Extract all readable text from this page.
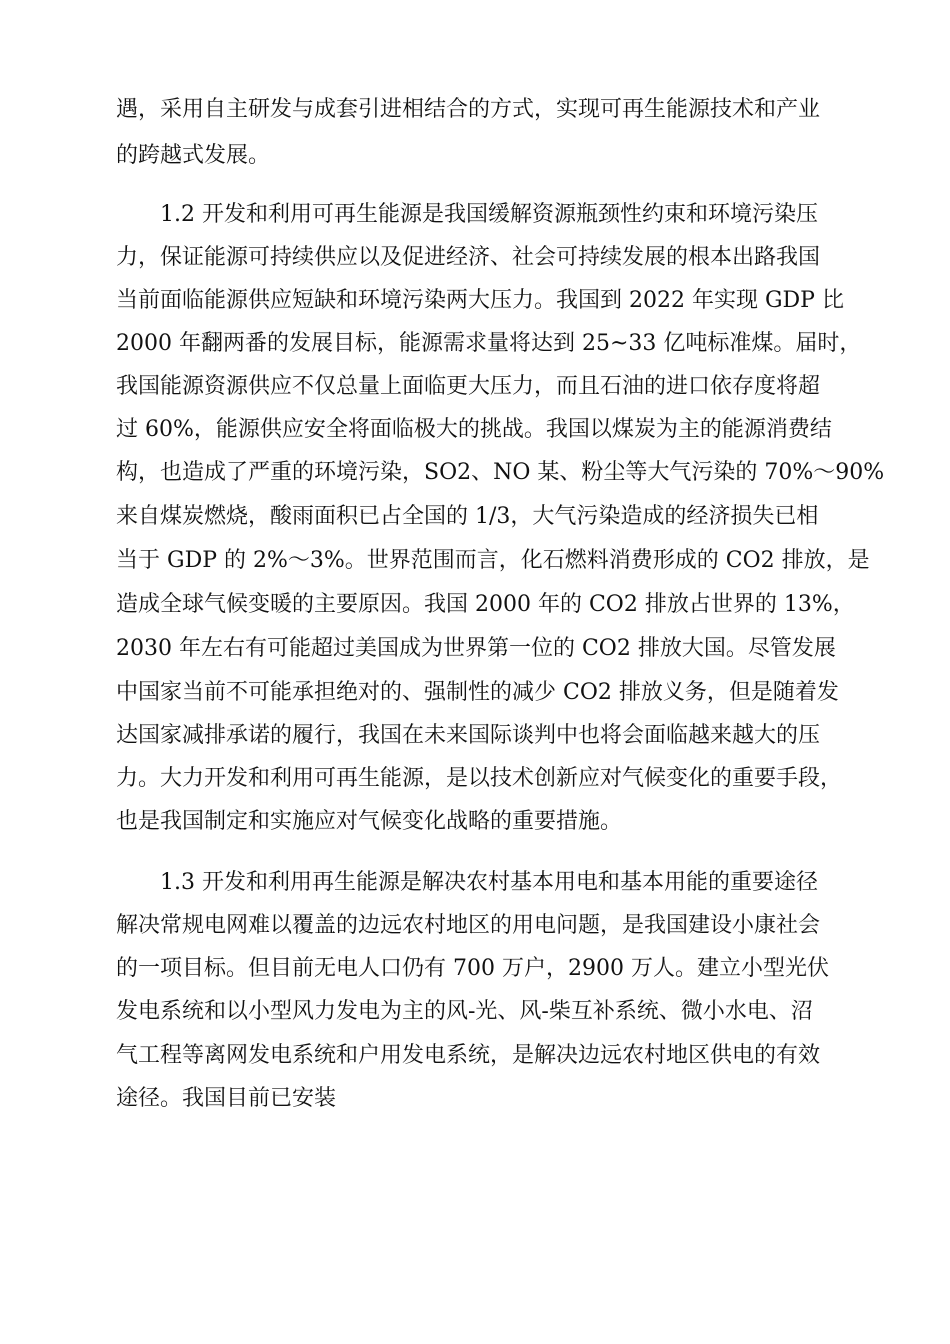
遇，采用自主研发与成套引进相结合的方式，实现可再生能源技术和产业
的跨越式发展。
1.2 开发和利用可再生能源是我国缓解资源瓶颈性约束和环境污染压
力，保证能源可持续供应以及促进经济、社会可持续发展的根本出路我国
当前面临能源供应短缺和环境污染两大压力。我国到 2022 年实现 GDP 比
2000 年翻两番的发展目标，能源需求量将达到 25~33 亿吨标准煤。届时，
我国能源资源供应不仅总量上面临更大压力，而且石油的进口依存度将超
过 60%，能源供应安全将面临极大的挑战。我国以煤炭为主的能源消费结
构，也造成了严重的环境污染，SO2、NO 某、粉尘等大气污染的 70%～90%
来自煤炭燃烧，酸雨面积已占全国的 1/3，大气污染造成的经济损失已相
当于 GDP 的 2%～3%。世界范围而言，化石燃料消费形成的 CO2 排放，是
造成全球气候变暖的主要原因。我国 2000 年的 CO2 排放占世界的 13%，
2030 年左右有可能超过美国成为世界第一位的 CO2 排放大国。尽管发展
中国家当前不可能承担绝对的、强制性的减少 CO2 排放义务，但是随着发
达国家减排承诺的履行，我国在未来国际谈判中也将会面临越来越大的压
力。大力开发和利用可再生能源，是以技术创新应对气候变化的重要手段，
也是我国制定和实施应对气候变化战略的重要措施。
1.3 开发和利用再生能源是解决农村基本用电和基本用能的重要途径
解决常规电网难以覆盖的边远农村地区的用电问题，是我国建设小康社会
的一项目标。但目前无电人口仍有 700 万户，2900 万人。建立小型光伏
发电系统和以小型风力发电为主的风-光、风-柴互补系统、微小水电、沼
气工程等离网发电系统和户用发电系统，是解决边远农村地区供电的有效
途径。我国目前已安装
